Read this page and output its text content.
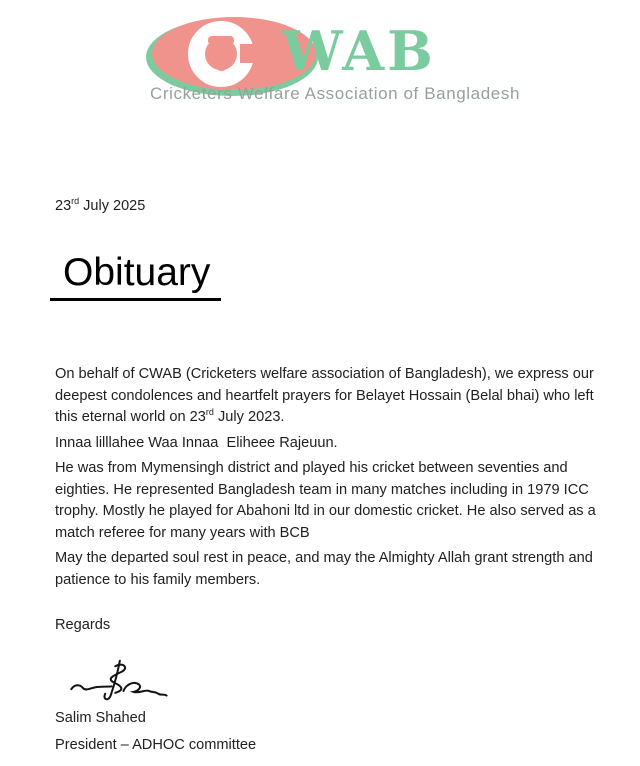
WAB
Cricketers Welfare Association of Bangladesh
23rd July 2025
Obituary

On behalf of CWAB (Cricketers welfare association of Bangladesh), we express our deepest condolences and heartfelt prayers for Belayet Hossain (Belal bhai) who left this eternal world on 23rd July 2023.

Innaa lilllahee Waa Innaa  Eliheee Rajeuun.

He was from Mymensingh district and played his cricket between seventies and eighties. He represented Bangladesh team in many matches including in 1979 ICC trophy. Mostly he played for Abahoni ltd in our domestic cricket. He also served as a match referee for many years with BCB

May the departed soul rest in peace, and may the Almighty Allah grant strength and patience to his family members.

Regards
Salim Shahed
President – ADHOC committee
